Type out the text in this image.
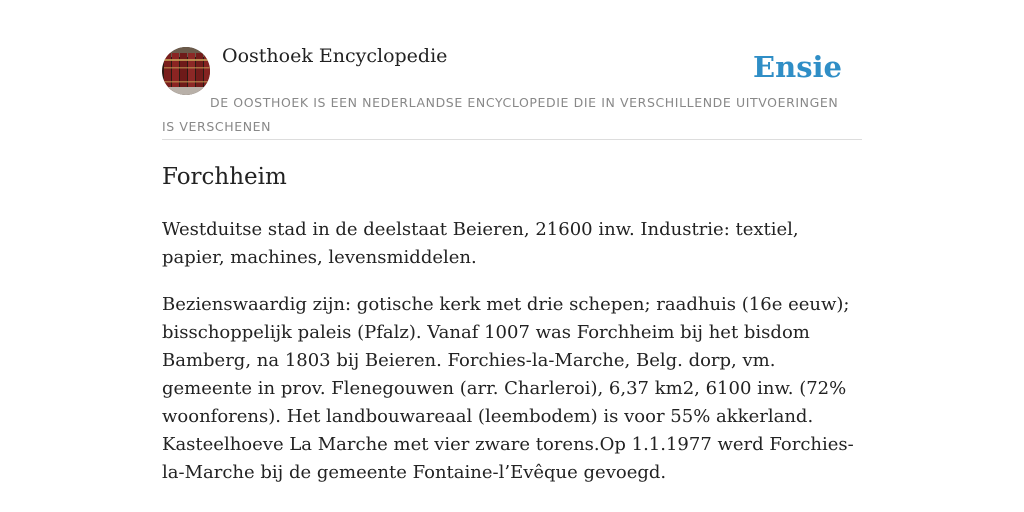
Oosthoek Encyclopedie	Ensie
DE OOSTHOEK IS EEN NEDERLANDSE ENCYCLOPEDIE DIE IN VERSCHILLENDE UITVOERINGEN IS VERSCHENEN
Forchheim

Westduitse stad in de deelstaat Beieren, 21600 inw. Industrie: textiel, papier, machines, levensmiddelen.

Bezienswaardig zijn: gotische kerk met drie schepen; raadhuis (16e eeuw); bisschoppelijk paleis (Pfalz). Vanaf 1007 was Forchheim bij het bisdom Bamberg, na 1803 bij Beieren. Forchies-la-Marche, Belg. dorp, vm. gemeente in prov. Flenegouwen (arr. Charleroi), 6,37 km2, 6100 inw. (72% woonforens). Het landbouwareaal (leembodem) is voor 55% akkerland. Kasteelhoeve La Marche met vier zware torens.Op 1.1.1977 werd Forchies-la-Marche bij de gemeente Fontaine-l’Evêque gevoegd.
